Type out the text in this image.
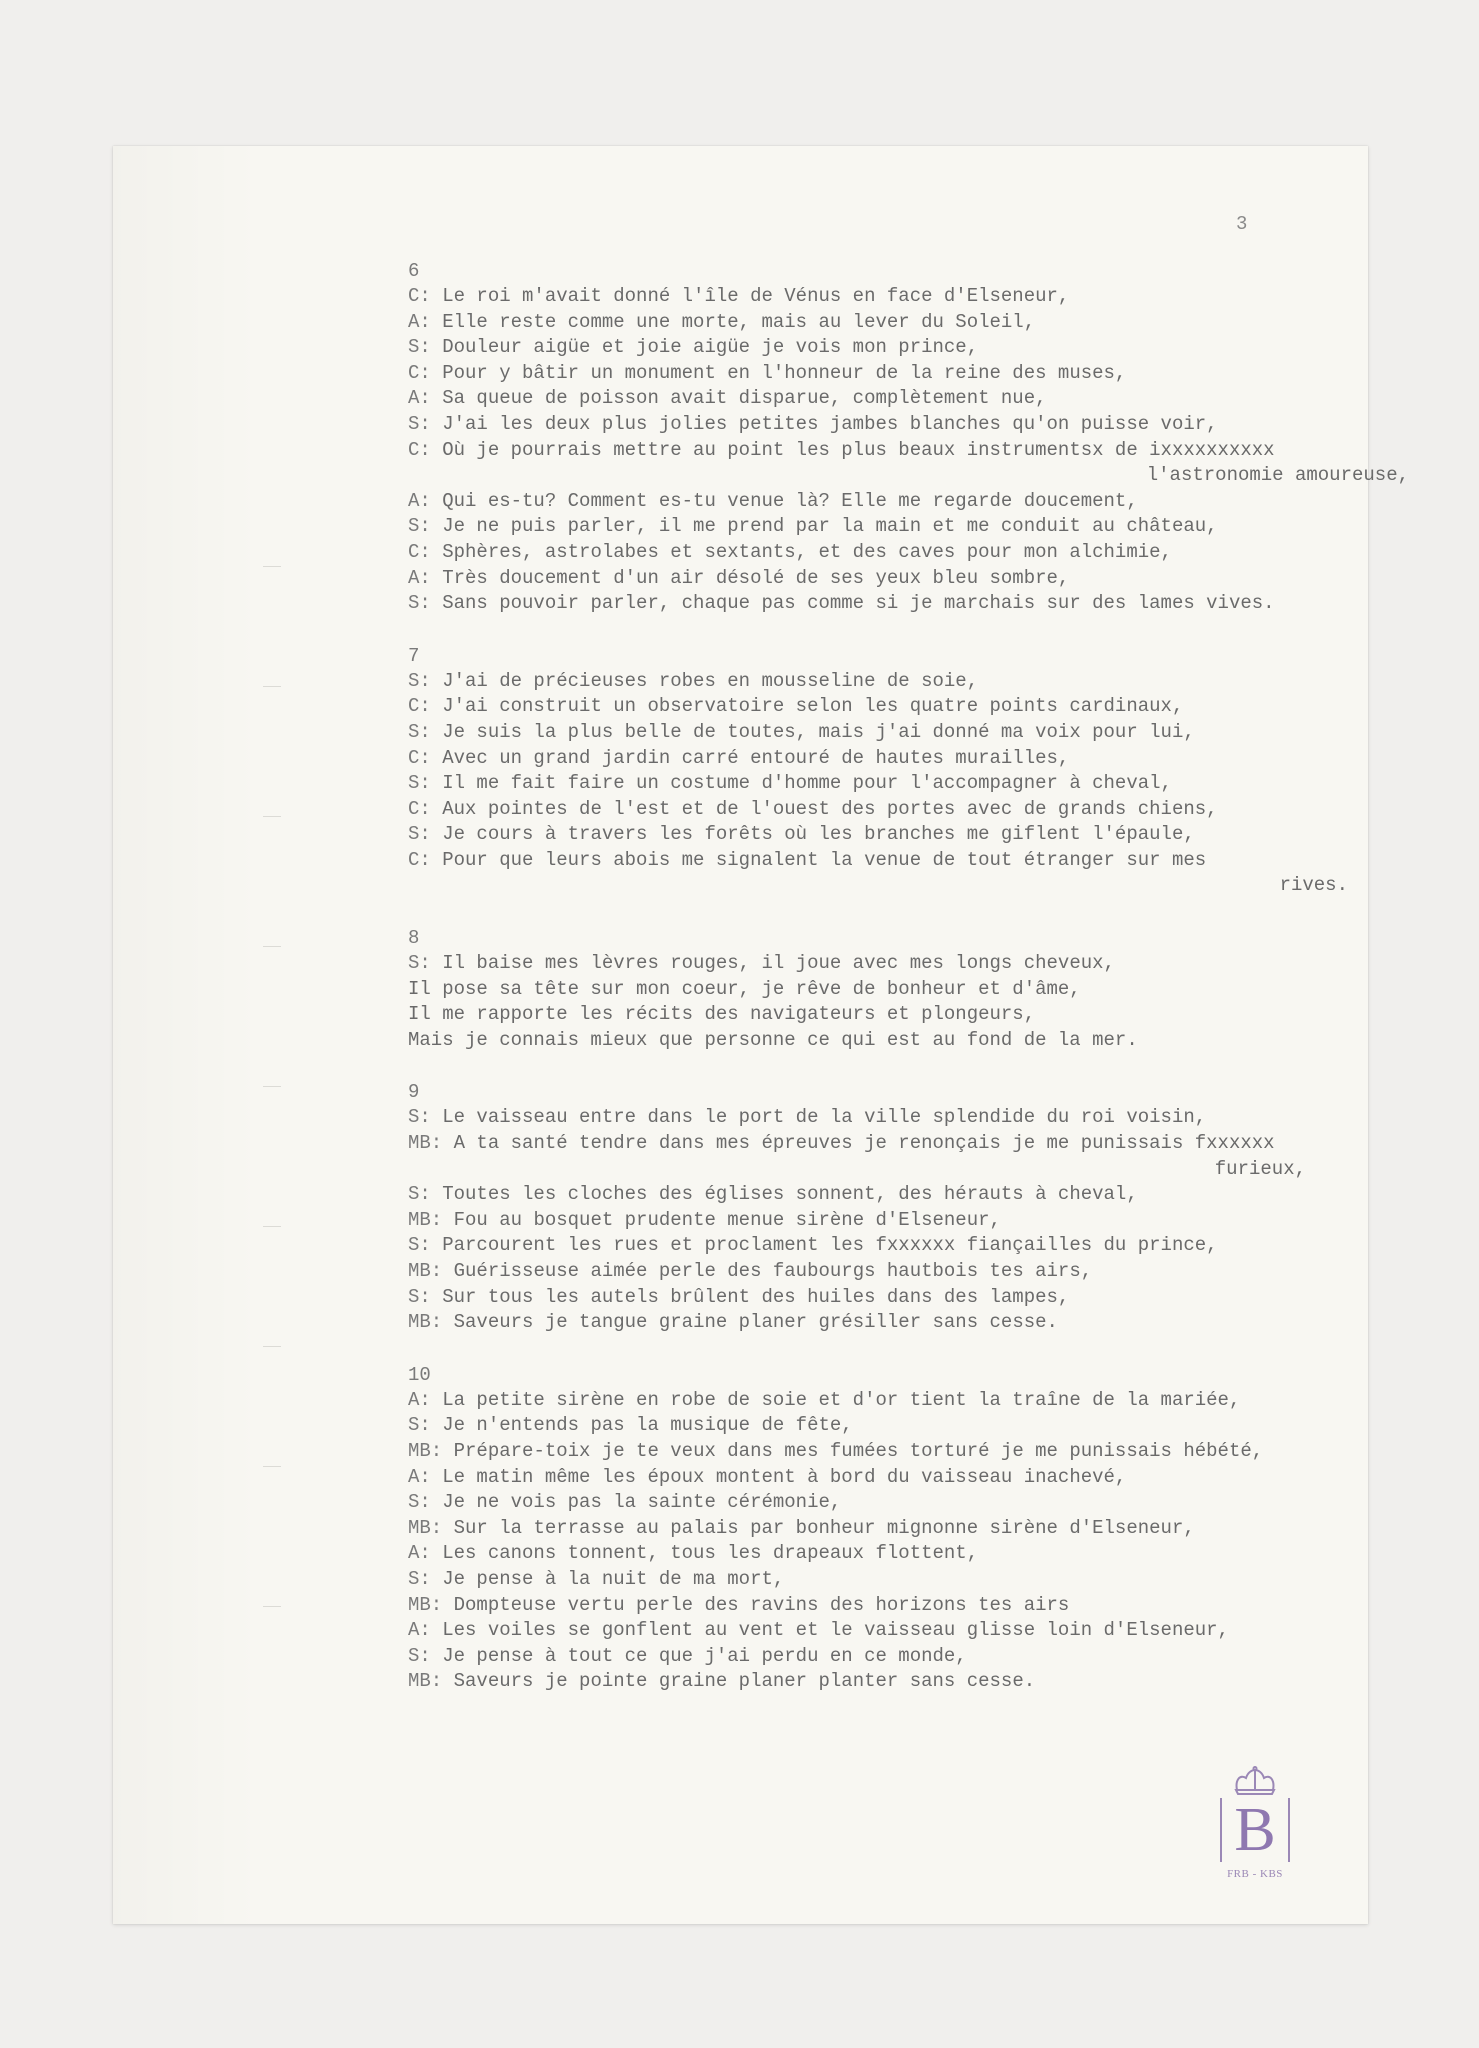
3
6
C: Le roi m'avait donné l'île de Vénus en face d'Elseneur,
A: Elle reste comme une morte, mais au lever du Soleil,
S: Douleur aigüe et joie aigüe je vois mon prince,
C: Pour y bâtir un monument en l'honneur de la reine des muses,
A: Sa queue de poisson avait disparue, complètement nue,
S: J'ai les deux plus jolies petites jambes blanches qu'on puisse voir,
C: Où je pourrais mettre au point les plus beaux instrumentsx de ixxxxxxxxxx
l'astronomie amoureuse,
A: Qui es-tu? Comment es-tu venue là? Elle me regarde doucement,
S: Je ne puis parler, il me prend par la main et me conduit au château,
C: Sphères, astrolabes et sextants, et des caves pour mon alchimie,
A: Très doucement d'un air désolé de ses yeux bleu sombre,
S: Sans pouvoir parler, chaque pas comme si je marchais sur des lames vives.
7
S: J'ai de précieuses robes en mousseline de soie,
C: J'ai construit un observatoire selon les quatre points cardinaux,
S: Je suis la plus belle de toutes, mais j'ai donné ma voix pour lui,
C: Avec un grand jardin carré entouré de hautes murailles,
S: Il me fait faire un costume d'homme pour l'accompagner à cheval,
C: Aux pointes de l'est et de l'ouest des portes avec de grands chiens,
S: Je cours à travers les forêts où les branches me giflent l'épaule,
C: Pour que leurs abois me signalent la venue de tout étranger sur mes
rives.
8
S: Il baise mes lèvres rouges, il joue avec mes longs cheveux,
Il pose sa tête sur mon coeur, je rêve de bonheur et d'âme,
Il me rapporte les récits des navigateurs et plongeurs,
Mais je connais mieux que personne ce qui est au fond de la mer.
9
S: Le vaisseau entre dans le port de la ville splendide du roi voisin,
MB: A ta santé tendre dans mes épreuves je renonçais je me punissais fxxxxxx
furieux,
S: Toutes les cloches des églises sonnent, des hérauts à cheval,
MB: Fou au bosquet prudente menue sirène d'Elseneur,
S: Parcourent les rues et proclament les fxxxxxx fiançailles du prince,
MB: Guérisseuse aimée perle des faubourgs hautbois tes airs,
S: Sur tous les autels brûlent des huiles dans des lampes,
MB: Saveurs je tangue graine planer grésiller sans cesse.
10
A: La petite sirène en robe de soie et d'or tient la traîne de la mariée,
S: Je n'entends pas la musique de fête,
MB: Prépare-toix je te veux dans mes fumées torturé je me punissais hébété,
A: Le matin même les époux montent à bord du vaisseau inachevé,
S: Je ne vois pas la sainte cérémonie,
MB: Sur la terrasse au palais par bonheur mignonne sirène d'Elseneur,
A: Les canons tonnent, tous les drapeaux flottent,
S: Je pense à la nuit de ma mort,
MB: Dompteuse vertu perle des ravins des horizons tes airs
A: Les voiles se gonflent au vent et le vaisseau glisse loin d'Elseneur,
S: Je pense à tout ce que j'ai perdu en ce monde,
MB: Saveurs je pointe graine planer planter sans cesse.
B
FRB - KBS
